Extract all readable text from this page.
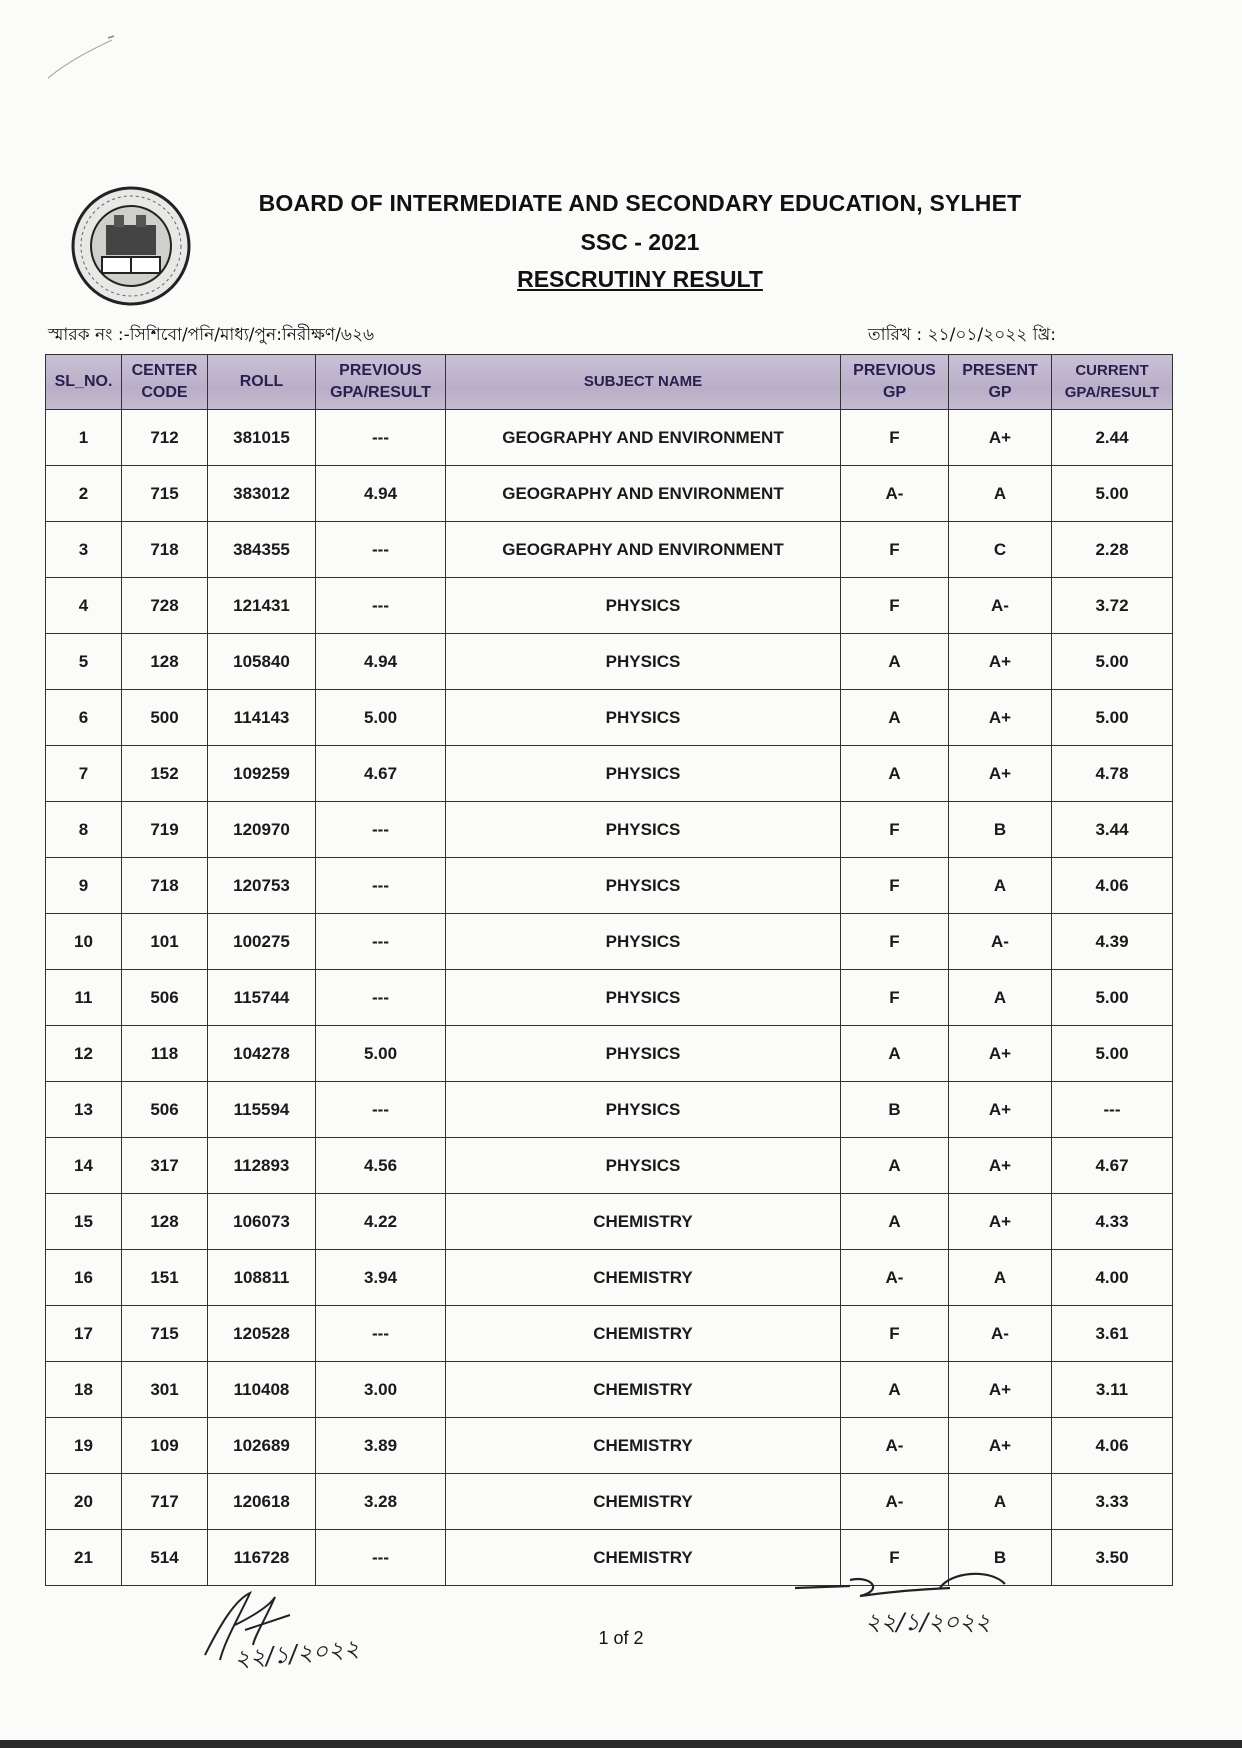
BOARD OF INTERMEDIATE AND SECONDARY EDUCATION, SYLHET
SSC - 2021
RESCRUTINY RESULT
স্মারক নং :-সিশিবো/পনি/মাধ্য/পুন:নিরীক্ষণ/৬২৬	তারিখ : ২১/০১/২০২২ খ্রি:
SL_NO.	CENTER CODE	ROLL	PREVIOUS GPA/RESULT	SUBJECT NAME	PREVIOUS GP	PRESENT GP	CURRENT GPA/RESULT
1	712	381015	---	GEOGRAPHY AND ENVIRONMENT	F	A+	2.44
2	715	383012	4.94	GEOGRAPHY AND ENVIRONMENT	A-	A	5.00
3	718	384355	---	GEOGRAPHY AND ENVIRONMENT	F	C	2.28
4	728	121431	---	PHYSICS	F	A-	3.72
5	128	105840	4.94	PHYSICS	A	A+	5.00
6	500	114143	5.00	PHYSICS	A	A+	5.00
7	152	109259	4.67	PHYSICS	A	A+	4.78
8	719	120970	---	PHYSICS	F	B	3.44
9	718	120753	---	PHYSICS	F	A	4.06
10	101	100275	---	PHYSICS	F	A-	4.39
11	506	115744	---	PHYSICS	F	A	5.00
12	118	104278	5.00	PHYSICS	A	A+	5.00
13	506	115594	---	PHYSICS	B	A+	---
14	317	112893	4.56	PHYSICS	A	A+	4.67
15	128	106073	4.22	CHEMISTRY	A	A+	4.33
16	151	108811	3.94	CHEMISTRY	A-	A	4.00
17	715	120528	---	CHEMISTRY	F	A-	3.61
18	301	110408	3.00	CHEMISTRY	A	A+	3.11
19	109	102689	3.89	CHEMISTRY	A-	A+	4.06
20	717	120618	3.28	CHEMISTRY	A-	A	3.33
21	514	116728	---	CHEMISTRY	F	B	3.50
২২/১/২০২২
২২/১/২০২২
1 of 2
